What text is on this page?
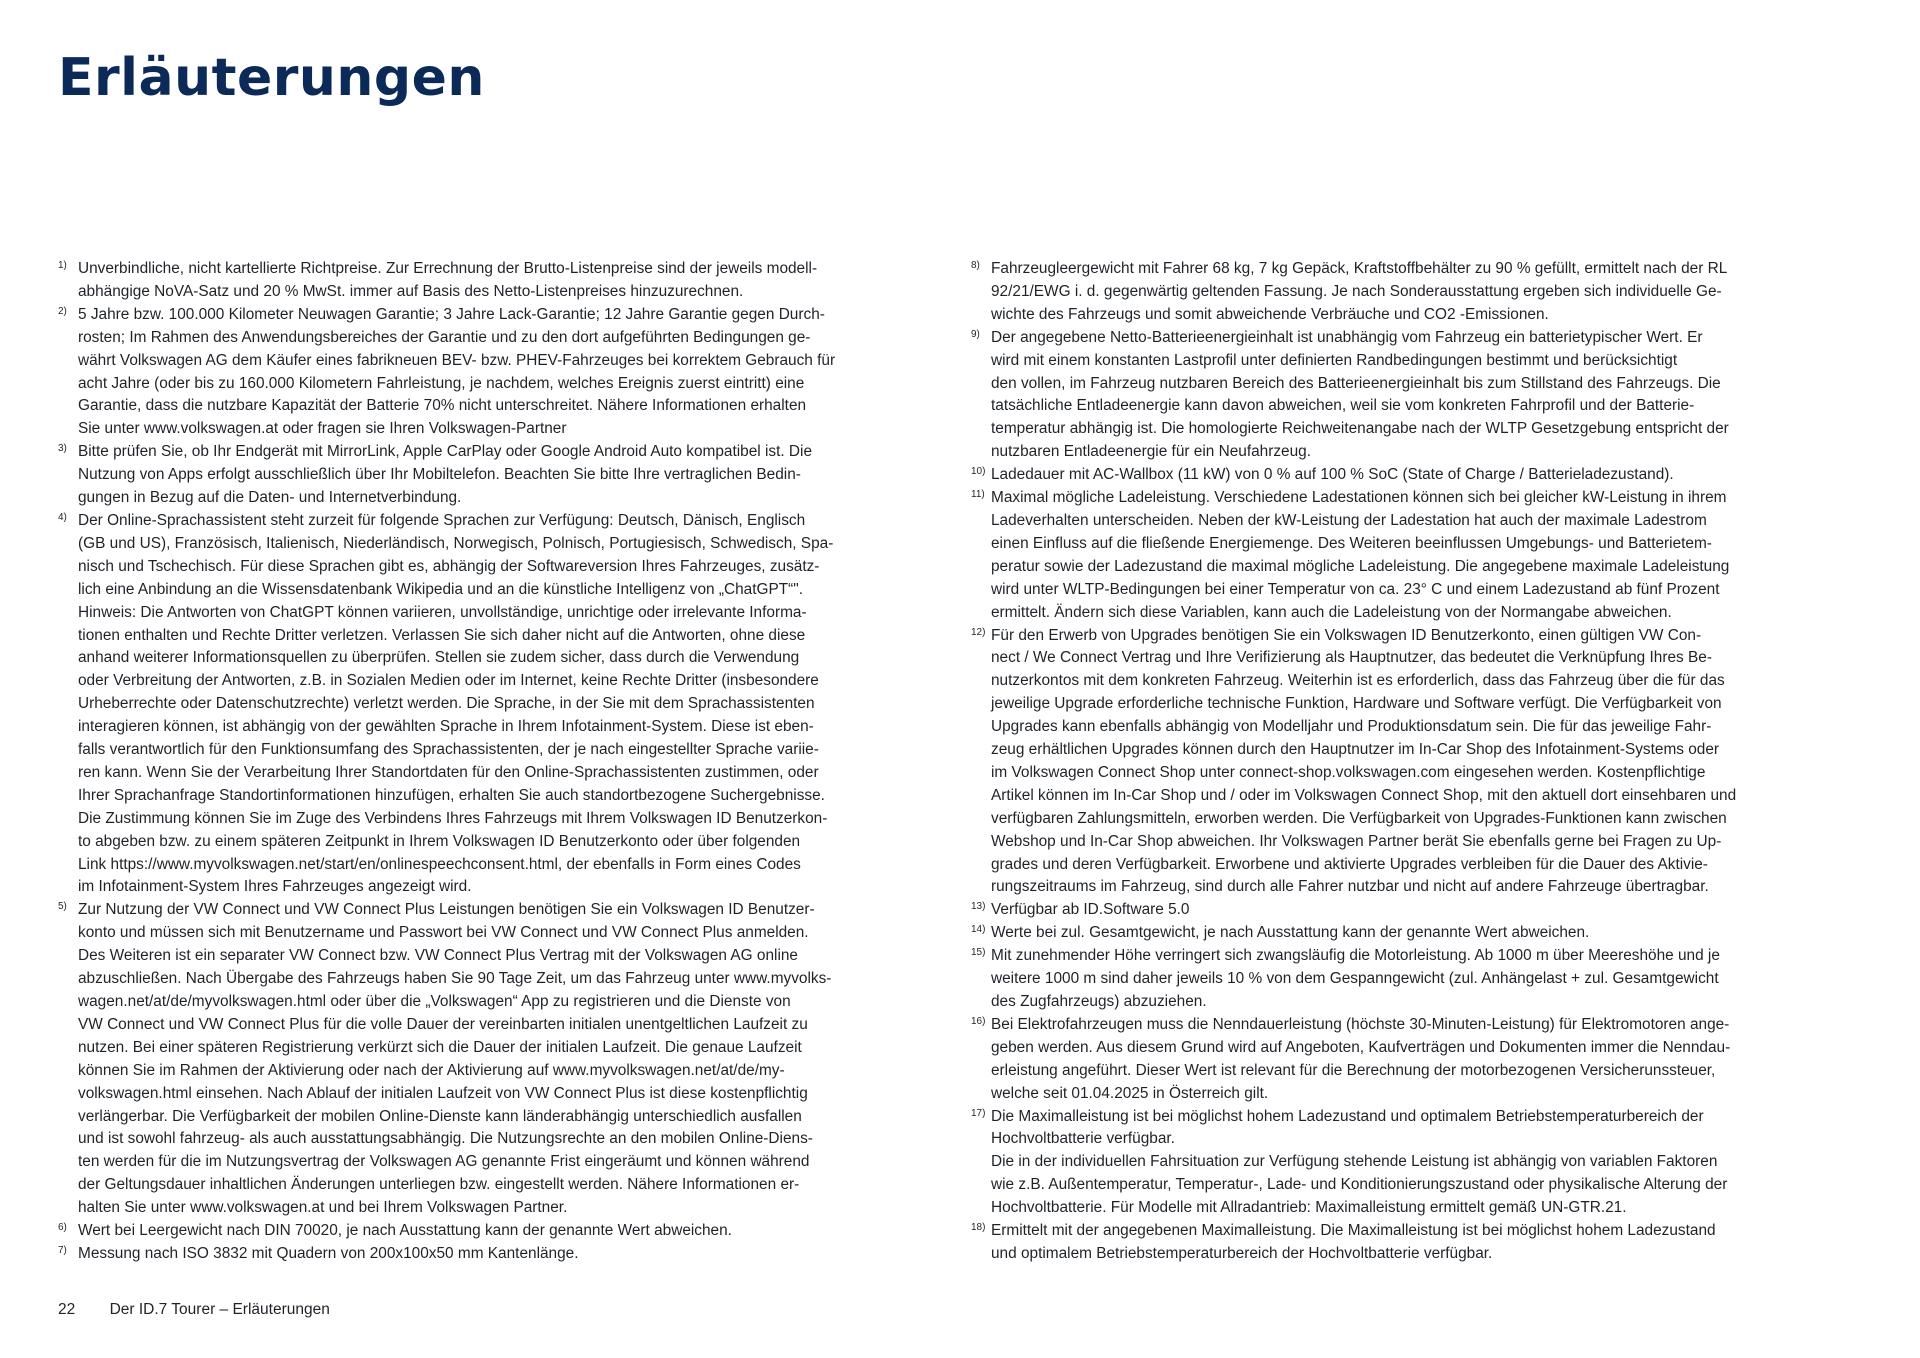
Erläuterungen
1) Unverbindliche, nicht kartellierte Richtpreise. Zur Errechnung der Brutto-Listenpreise sind der jeweils modell-
abhängige NoVA-Satz und 20 % MwSt. immer auf Basis des Netto-Listenpreises hinzuzurechnen.
2) 5 Jahre bzw. 100.000 Kilometer Neuwagen Garantie; 3 Jahre Lack-Garantie; 12 Jahre Garantie gegen Durch-
rosten; Im Rahmen des Anwendungsbereiches der Garantie und zu den dort aufgeführten Bedingungen ge-
währt Volkswagen AG dem Käufer eines fabrikneuen BEV- bzw. PHEV-Fahrzeuges bei korrektem Gebrauch für
acht Jahre (oder bis zu 160.000 Kilometern Fahrleistung, je nachdem, welches Ereignis zuerst eintritt) eine
Garantie, dass die nutzbare Kapazität der Batterie 70% nicht unterschreitet. Nähere Informationen erhalten
Sie unter www.volkswagen.at oder fragen sie Ihren Volkswagen-Partner
3) Bitte prüfen Sie, ob Ihr Endgerät mit MirrorLink, Apple CarPlay oder Google Android Auto kompatibel ist. Die
Nutzung von Apps erfolgt ausschließlich über Ihr Mobiltelefon. Beachten Sie bitte Ihre vertraglichen Bedin-
gungen in Bezug auf die Daten- und Internetverbindung.
4) Der Online-Sprachassistent steht zurzeit für folgende Sprachen zur Verfügung: Deutsch, Dänisch, Englisch
(GB und US), Französisch, Italienisch, Niederländisch, Norwegisch, Polnisch, Portugiesisch, Schwedisch, Spa-
nisch und Tschechisch. Für diese Sprachen gibt es, abhängig der Softwareversion Ihres Fahrzeuges, zusätz-
lich eine Anbindung an die Wissensdatenbank Wikipedia und an die künstliche Intelligenz von „ChatGPT“".
Hinweis: Die Antworten von ChatGPT können variieren, unvollständige, unrichtige oder irrelevante Informa-
tionen enthalten und Rechte Dritter verletzen. Verlassen Sie sich daher nicht auf die Antworten, ohne diese
anhand weiterer Informationsquellen zu überprüfen. Stellen sie zudem sicher, dass durch die Verwendung
oder Verbreitung der Antworten, z.B. in Sozialen Medien oder im Internet, keine Rechte Dritter (insbesondere
Urheberrechte oder Datenschutzrechte) verletzt werden. Die Sprache, in der Sie mit dem Sprachassistenten
interagieren können, ist abhängig von der gewählten Sprache in Ihrem Infotainment-System. Diese ist eben-
falls verantwortlich für den Funktionsumfang des Sprachassistenten, der je nach eingestellter Sprache variie-
ren kann. Wenn Sie der Verarbeitung Ihrer Standortdaten für den Online-Sprachassistenten zustimmen, oder
Ihrer Sprachanfrage Standortinformationen hinzufügen, erhalten Sie auch standortbezogene Suchergebnisse.
Die Zustimmung können Sie im Zuge des Verbindens Ihres Fahrzeugs mit Ihrem Volkswagen ID Benutzerkon-
to abgeben bzw. zu einem späteren Zeitpunkt in Ihrem Volkswagen ID Benutzerkonto oder über folgenden
Link https://www.myvolkswagen.net/start/en/onlinespeechconsent.html, der ebenfalls in Form eines Codes
im Infotainment-System Ihres Fahrzeuges angezeigt wird.
5) Zur Nutzung der VW Connect und VW Connect Plus Leistungen benötigen Sie ein Volkswagen ID Benutzer-
konto und müssen sich mit Benutzername und Passwort bei VW Connect und VW Connect Plus anmelden.
Des Weiteren ist ein separater VW Connect bzw. VW Connect Plus Vertrag mit der Volkswagen AG online
abzuschließen. Nach Übergabe des Fahrzeugs haben Sie 90 Tage Zeit, um das Fahrzeug unter www.myvolks-
wagen.net/at/de/myvolkswagen.html oder über die „Volkswagen“ App zu registrieren und die Dienste von
VW Connect und VW Connect Plus für die volle Dauer der vereinbarten initialen unentgeltlichen Laufzeit zu
nutzen. Bei einer späteren Registrierung verkürzt sich die Dauer der initialen Laufzeit. Die genaue Laufzeit
können Sie im Rahmen der Aktivierung oder nach der Aktivierung auf www.myvolkswagen.net/at/de/my-
volkswagen.html einsehen. Nach Ablauf der initialen Laufzeit von VW Connect Plus ist diese kostenpflichtig
verlängerbar. Die Verfügbarkeit der mobilen Online-Dienste kann länderabhängig unterschiedlich ausfallen
und ist sowohl fahrzeug- als auch ausstattungsabhängig. Die Nutzungsrechte an den mobilen Online-Diens-
ten werden für die im Nutzungsvertrag der Volkswagen AG genannte Frist eingeräumt und können während
der Geltungsdauer inhaltlichen Änderungen unterliegen bzw. eingestellt werden. Nähere Informationen er-
halten Sie unter www.volkswagen.at und bei Ihrem Volkswagen Partner.
6) Wert bei Leergewicht nach DIN 70020, je nach Ausstattung kann der genannte Wert abweichen.
7) Messung nach ISO 3832 mit Quadern von 200x100x50 mm Kantenlänge.
8) Fahrzeugleergewicht mit Fahrer 68 kg, 7 kg Gepäck, Kraftstoffbehälter zu 90 % gefüllt, ermittelt nach der RL
92/21/EWG i. d. gegenwärtig geltenden Fassung. Je nach Sonderausstattung ergeben sich individuelle Ge-
wichte des Fahrzeugs und somit abweichende Verbräuche und CO2 -Emissionen.
9) Der angegebene Netto-Batterieenergieinhalt ist unabhängig vom Fahrzeug ein batterietypischer Wert. Er
wird mit einem konstanten Lastprofil unter definierten Randbedingungen bestimmt und berücksichtigt
den vollen, im Fahrzeug nutzbaren Bereich des Batterieenergieinhalt bis zum Stillstand des Fahrzeugs. Die
tatsächliche Entladeenergie kann davon abweichen, weil sie vom konkreten Fahrprofil und der Batterie-
temperatur abhängig ist. Die homologierte Reichweitenangabe nach der WLTP Gesetzgebung entspricht der
nutzbaren Entladeenergie für ein Neufahrzeug.
10) Ladedauer mit AC-Wallbox (11 kW) von 0 % auf 100 % SoC (State of Charge / Batterieladezustand).
11) Maximal mögliche Ladeleistung. Verschiedene Ladestationen können sich bei gleicher kW-Leistung in ihrem
Ladeverhalten unterscheiden. Neben der kW-Leistung der Ladestation hat auch der maximale Ladestrom
einen Einfluss auf die fließende Energiemenge. Des Weiteren beeinflussen Umgebungs- und Batterietem-
peratur sowie der Ladezustand die maximal mögliche Ladeleistung. Die angegebene maximale Ladeleistung
wird unter WLTP-Bedingungen bei einer Temperatur von ca. 23° C und einem Ladezustand ab fünf Prozent
ermittelt. Ändern sich diese Variablen, kann auch die Ladeleistung von der Normangabe abweichen.
12) Für den Erwerb von Upgrades benötigen Sie ein Volkswagen ID Benutzerkonto, einen gültigen VW Con-
nect / We Connect Vertrag und Ihre Verifizierung als Hauptnutzer, das bedeutet die Verknüpfung Ihres Be-
nutzerkontos mit dem konkreten Fahrzeug. Weiterhin ist es erforderlich, dass das Fahrzeug über die für das
jeweilige Upgrade erforderliche technische Funktion, Hardware und Software verfügt. Die Verfügbarkeit von
Upgrades kann ebenfalls abhängig von Modelljahr und Produktionsdatum sein. Die für das jeweilige Fahr-
zeug erhältlichen Upgrades können durch den Hauptnutzer im In-Car Shop des Infotainment-Systems oder
im Volkswagen Connect Shop unter connect-shop.volkswagen.com eingesehen werden. Kostenpflichtige
Artikel können im In-Car Shop und / oder im Volkswagen Connect Shop, mit den aktuell dort einsehbaren und
verfügbaren Zahlungsmitteln, erworben werden. Die Verfügbarkeit von Upgrades-Funktionen kann zwischen
Webshop und In-Car Shop abweichen. Ihr Volkswagen Partner berät Sie ebenfalls gerne bei Fragen zu Up-
grades und deren Verfügbarkeit. Erworbene und aktivierte Upgrades verbleiben für die Dauer des Aktivie-
rungszeitraums im Fahrzeug, sind durch alle Fahrer nutzbar und nicht auf andere Fahrzeuge übertragbar.
13) Verfügbar ab ID.Software 5.0
14) Werte bei zul. Gesamtgewicht, je nach Ausstattung kann der genannte Wert abweichen.
15) Mit zunehmender Höhe verringert sich zwangsläufig die Motorleistung. Ab 1000 m über Meereshöhe und je
weitere 1000 m sind daher jeweils 10 % von dem Gespanngewicht (zul. Anhängelast + zul. Gesamtgewicht
des Zugfahrzeugs) abzuziehen.
16) Bei Elektrofahrzeugen muss die Nenndauerleistung (höchste 30-Minuten-Leistung) für Elektromotoren ange-
geben werden. Aus diesem Grund wird auf Angeboten, Kaufverträgen und Dokumenten immer die Nenndau-
erleistung angeführt. Dieser Wert ist relevant für die Berechnung der motorbezogenen Versicherunssteuer,
welche seit 01.04.2025 in Österreich gilt.
17) Die Maximalleistung ist bei möglichst hohem Ladezustand und optimalem Betriebstemperaturbereich der
Hochvoltbatterie verfügbar.
Die in der individuellen Fahrsituation zur Verfügung stehende Leistung ist abhängig von variablen Faktoren
wie z.B. Außentemperatur, Temperatur-, Lade- und Konditionierungszustand oder physikalische Alterung der
Hochvoltbatterie. Für Modelle mit Allradantrieb: Maximalleistung ermittelt gemäß UN-GTR.21.
18) Ermittelt mit der angegebenen Maximalleistung. Die Maximalleistung ist bei möglichst hohem Ladezustand
und optimalem Betriebstemperaturbereich der Hochvoltbatterie verfügbar.
22 Der ID.7 Tourer – Erläuterungen
